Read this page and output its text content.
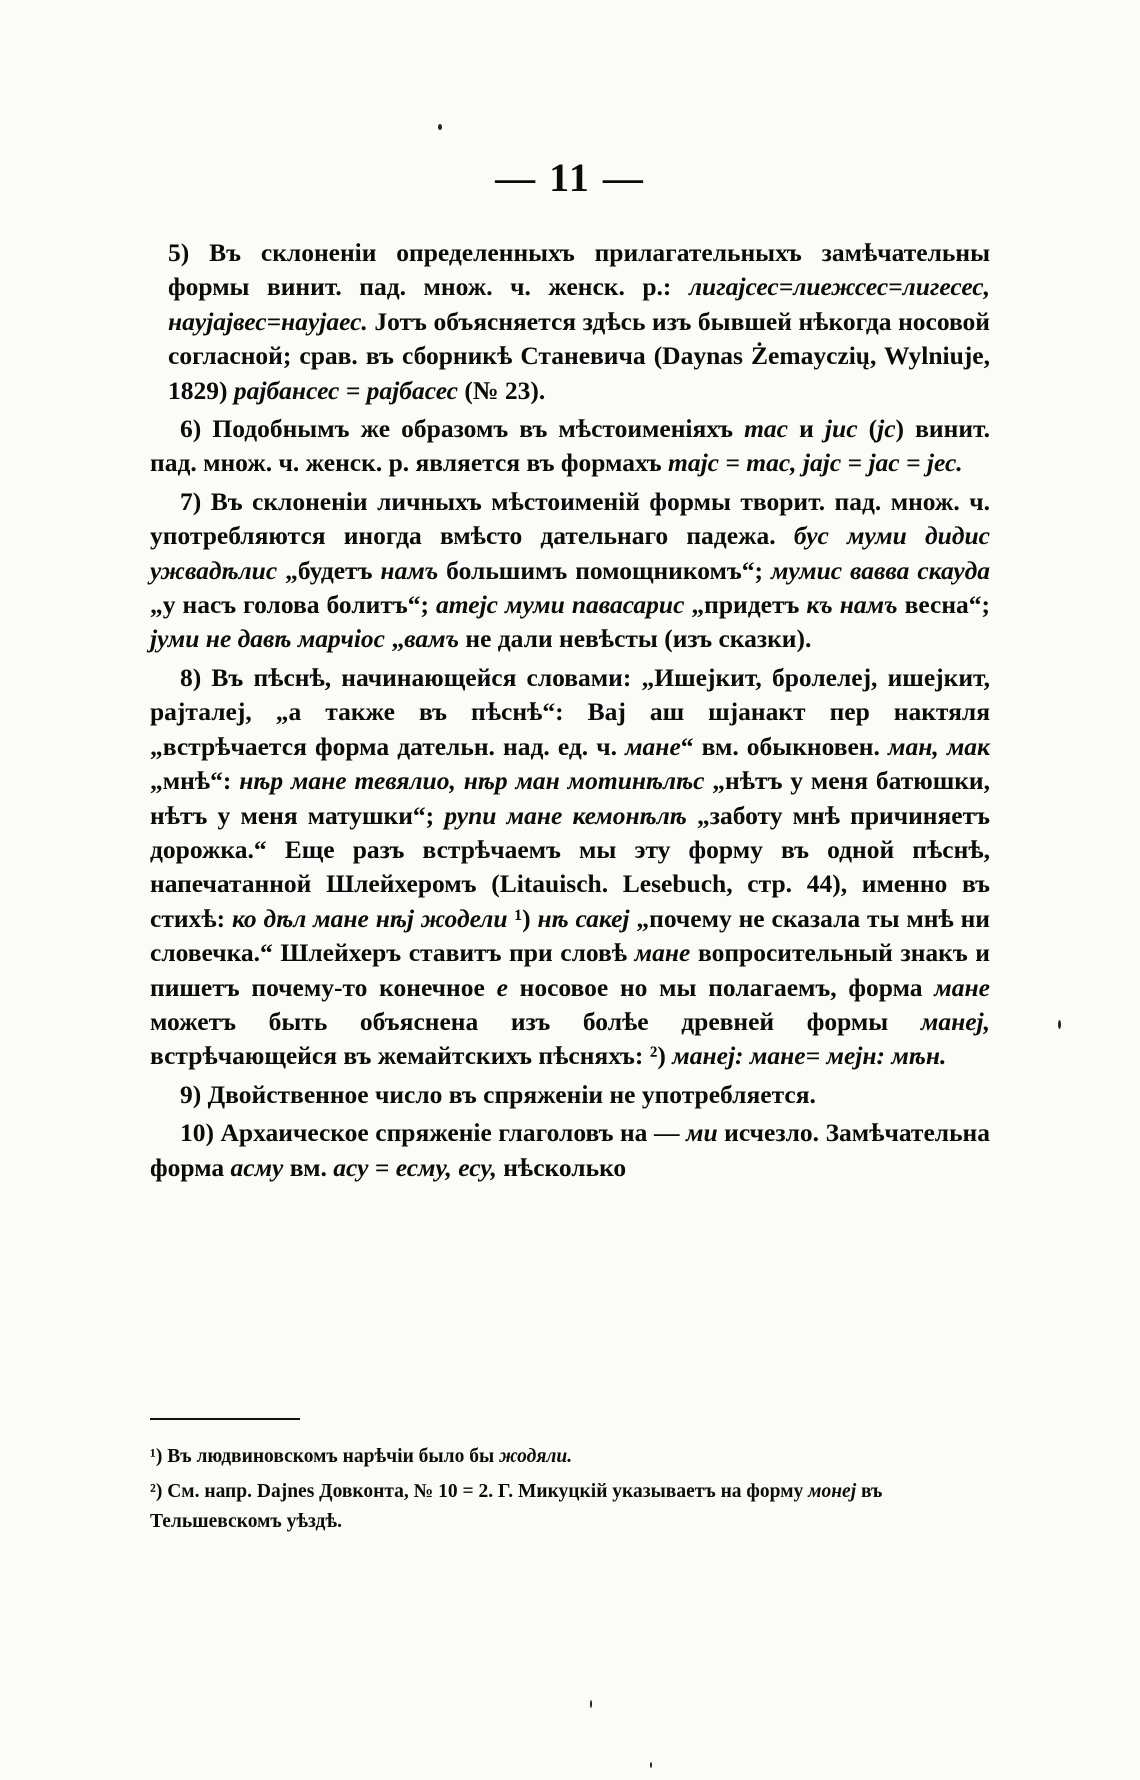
— 11 —

5) Въ склоненіи определенныхъ прилагательныхъ замѣчательны формы винит. пад. множ. ч. женск. р.: лигајсес=лиежсес=лигесес, нaујајвес=нaујaес. Јотъ объясняется здѣсь изъ бывшей нѣкогда носовой согласной; срав. въ сборникѣ Станевича (Daynas Żemayczių, Wylniuje, 1829) рајбансес = рајбасес (№ 23).

6) Подобнымъ же образомъ въ мѣстоименіяхъ тас и јис (јс) винит. пад. множ. ч. женск. р. является въ формахъ тајс = тас, јајс = јас = јес.

7) Въ склоненіи личныхъ мѣстоименій формы творит. пад. множ. ч. употребляются иногда вмѣсто дательнаго падежа. бус муми дидис ужвадѣлис „будетъ намъ большимъ помощникомъ“; мумис вавва скауда „у насъ голова болитъ“; атејс муми павасарис „придетъ къ намъ весна“; јуми не давѣ марчіос „вамъ не дали невѣсты (изъ сказки).

8) Въ пѣснѣ, начинающейся словами: „Ишејкит, бролелеј, ишејкит, рајталеј, „а также въ пѣснѣ“: Вај аш шјанакт пер нактяля „встрѣчается форма дательн. над. ед. ч. мане“ вм. обыкновен. ман, мак „мнѣ“: нѣр мане тевялио, нѣр ман мотинѣлѣс „нѣтъ у меня батюшки, нѣтъ у меня матушки“; рупи мане кемонѣлѣ „заботу мнѣ причиняетъ дорожка.“ Еще разъ встрѣчаемъ мы эту форму въ одной пѣснѣ, напечатанной Шлейхеромъ (Litauisch. Lesebuch, стр. 44), именно въ стихѣ: ко дѣл мане нѣј жодели ¹) нѣ сакеј „почему не сказала ты мнѣ ни словечка.“ Шлейхеръ ставитъ при словѣ мане вопросительный знакъ и пишетъ почему-то конечное е носовое но мы полагаемъ, форма мане можетъ быть объяснена изъ болѣе древней формы манеј, встрѣчающейся въ жемайтскихъ пѣсняхъ: ²) манеј: мане= мејн: мѣн.

9) Двойственное число въ спряженіи не употребляется.

10) Архаическое спряженіе глаголовъ на — ми исчезло. Замѣчательна форма асму вм. асу = есму, есу, нѣсколько

¹) Въ людвиновскомъ нарѣчіи было бы жодяли.

²) См. напр. Dajnes Довконта, № 10 = 2. Г. Микуцкій указываетъ на форму монеј въ Тельшевскомъ уѣздѣ.
